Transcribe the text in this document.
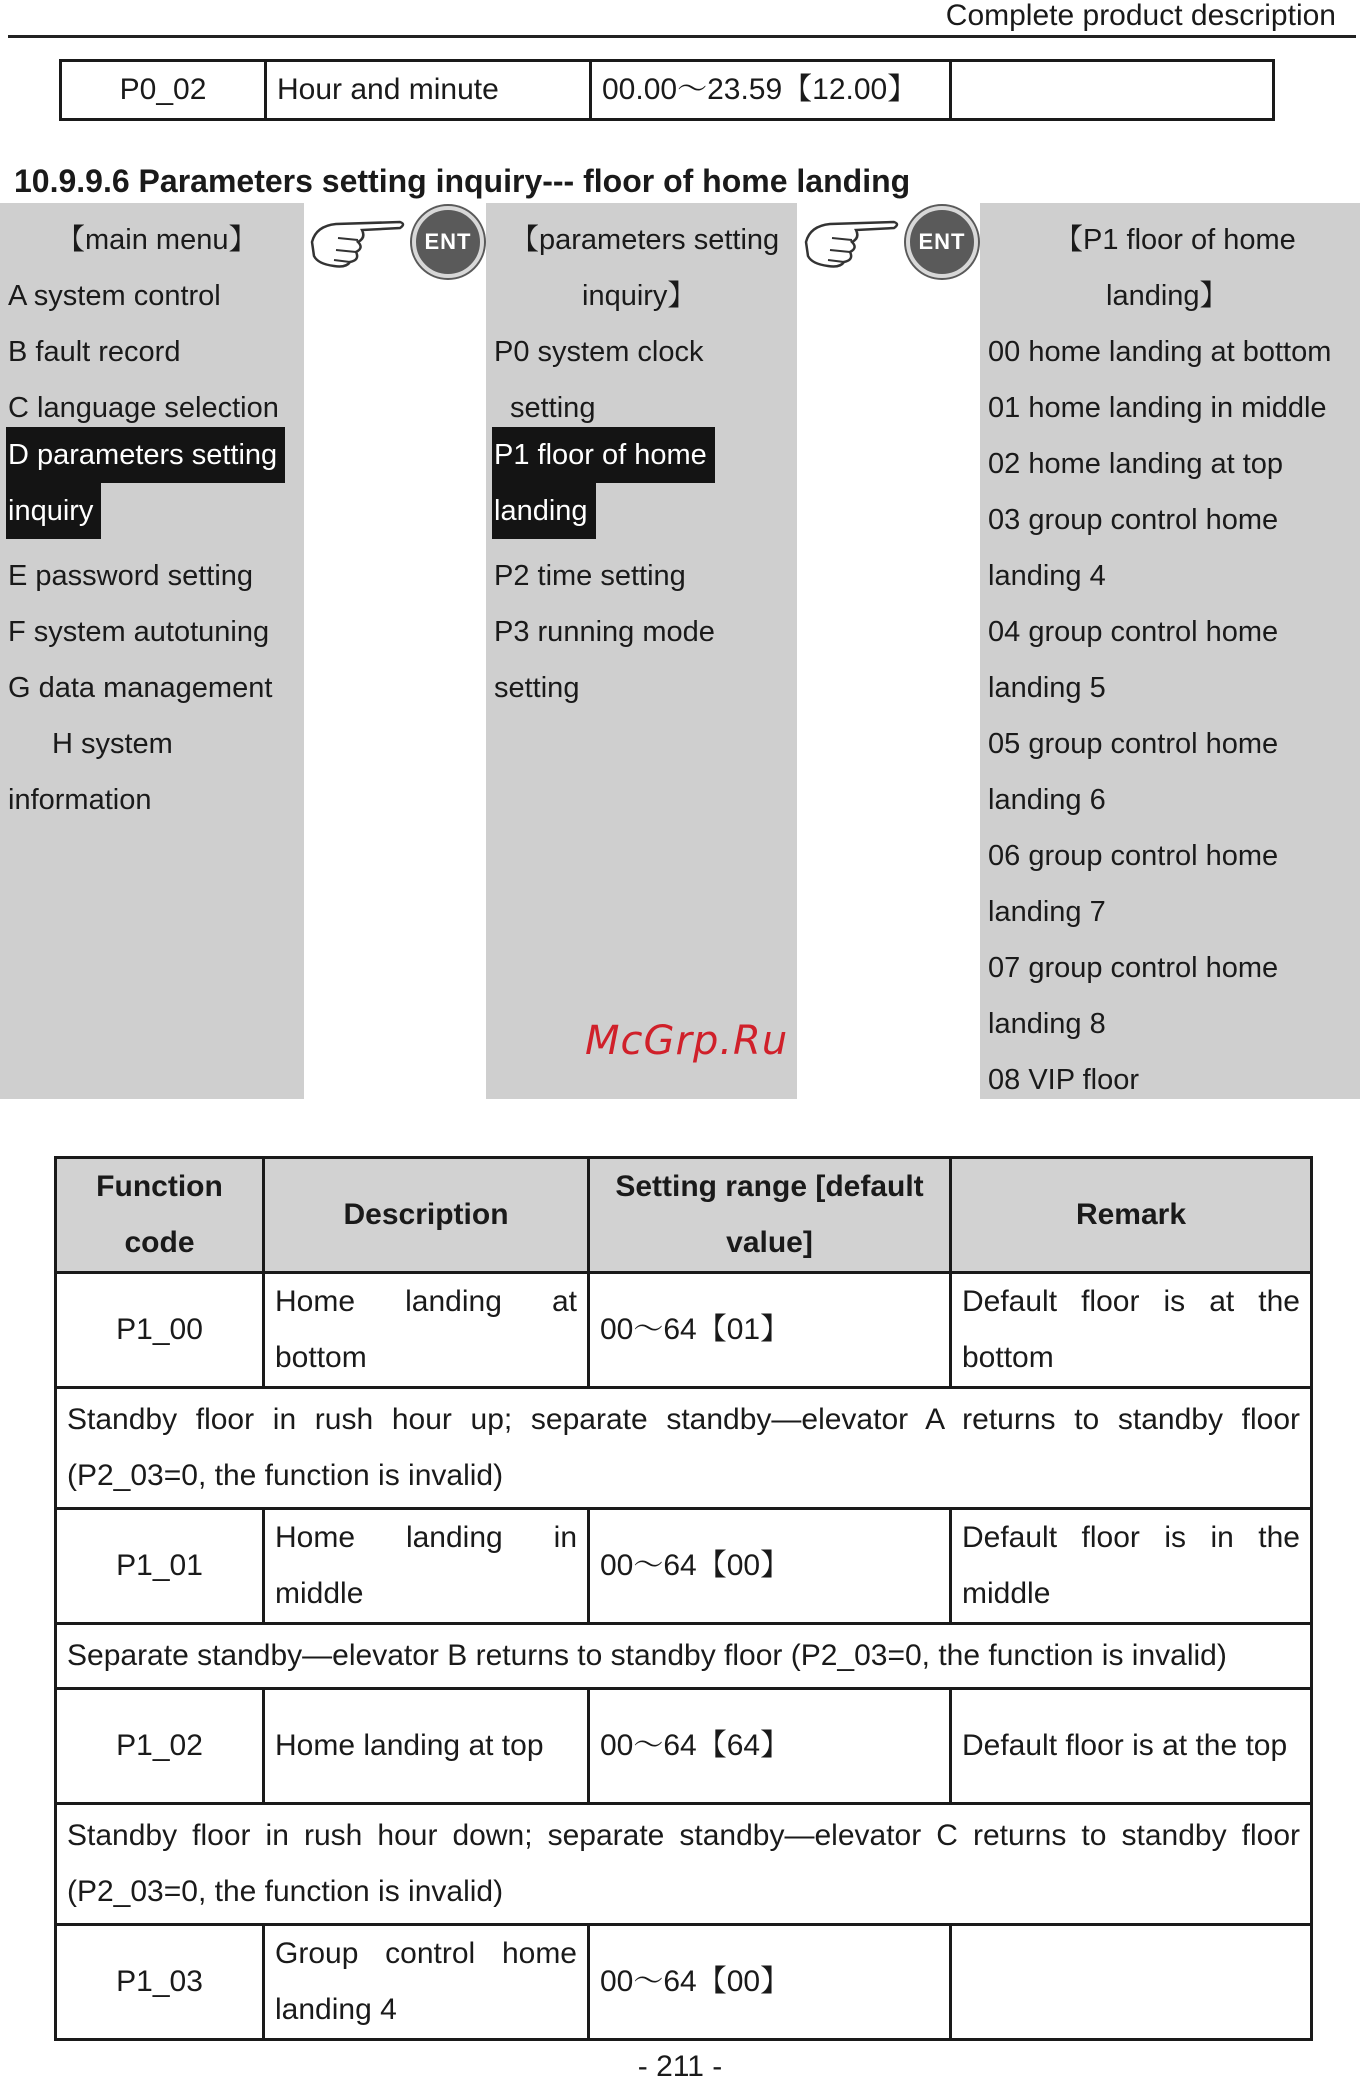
Complete product description
P0_02	Hour and minute	00.00～23.59【12.00】	
10.9.9.6 Parameters setting inquiry--- floor of home landing
【main menu】
A system control
B fault record
C language selection
D parameters setting
inquiry
E password setting
F system autotuning
G data management
H system
information
ENT	【parameters setting
inquiry】
P0 system clock
setting
P1 floor of home
landing
P2 time setting
P3 running mode
setting
ENT	【P1 floor of home
landing】
00 home landing at bottom
01 home landing in middle
02 home landing at top
03 group control home
landing 4
04 group control home
landing 5
05 group control home
landing 6
06 group control home
landing 7
07 group control home
landing 8
08 VIP floor
McGrp.Ru
Function code	Description	Setting range [default value]	Remark
P1_00	Home landing at bottom	00～64【01】	Default floor is at the bottom
Standby floor in rush hour up; separate standby—elevator A returns to standby floor (P2_03=0, the function is invalid)			
P1_01	Home landing in middle	00～64【00】	Default floor is in the middle
Separate standby—elevator B returns to standby floor (P2_03=0, the function is invalid)			
P1_02	Home landing at top	00～64【64】	Default floor is at the top
Standby floor in rush hour down; separate standby—elevator C returns to standby floor (P2_03=0, the function is invalid)			
P1_03	Group control home landing 4	00～64【00】	
- 211 -
